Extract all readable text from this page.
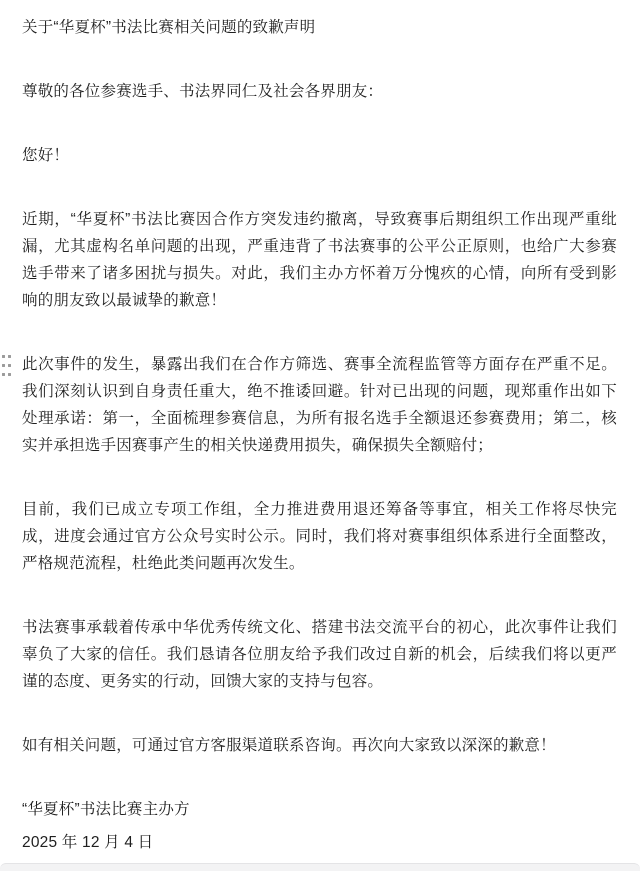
关于“华夏杯”书法比赛相关问题的致歉声明

尊敬的各位参赛选手、书法界同仁及社会各界朋友：

您好！

近期，“华夏杯”书法比赛因合作方突发违约撤离，导致赛事后期组织工作出现严重纰漏，尤其虚构名单问题的出现，严重违背了书法赛事的公平公正原则，也给广大参赛选手带来了诸多困扰与损失。对此，我们主办方怀着万分愧疚的心情，向所有受到影响的朋友致以最诚挚的歉意！

此次事件的发生，暴露出我们在合作方筛选、赛事全流程监管等方面存在严重不足。我们深刻认识到自身责任重大，绝不推诿回避。针对已出现的问题，现郑重作出如下处理承诺：第一，全面梳理参赛信息，为所有报名选手全额退还参赛费用；第二，核实并承担选手因赛事产生的相关快递费用损失，确保损失全额赔付；

目前，我们已成立专项工作组，全力推进费用退还筹备等事宜，相关工作将尽快完成，进度会通过官方公众号实时公示。同时，我们将对赛事组织体系进行全面整改，严格规范流程，杜绝此类问题再次发生。

书法赛事承载着传承中华优秀传统文化、搭建书法交流平台的初心，此次事件让我们辜负了大家的信任。我们恳请各位朋友给予我们改过自新的机会，后续我们将以更严谨的态度、更务实的行动，回馈大家的支持与包容。

如有相关问题，可通过官方客服渠道联系咨询。再次向大家致以深深的歉意！

“华夏杯”书法比赛主办方

2025 年 12 月 4 日
